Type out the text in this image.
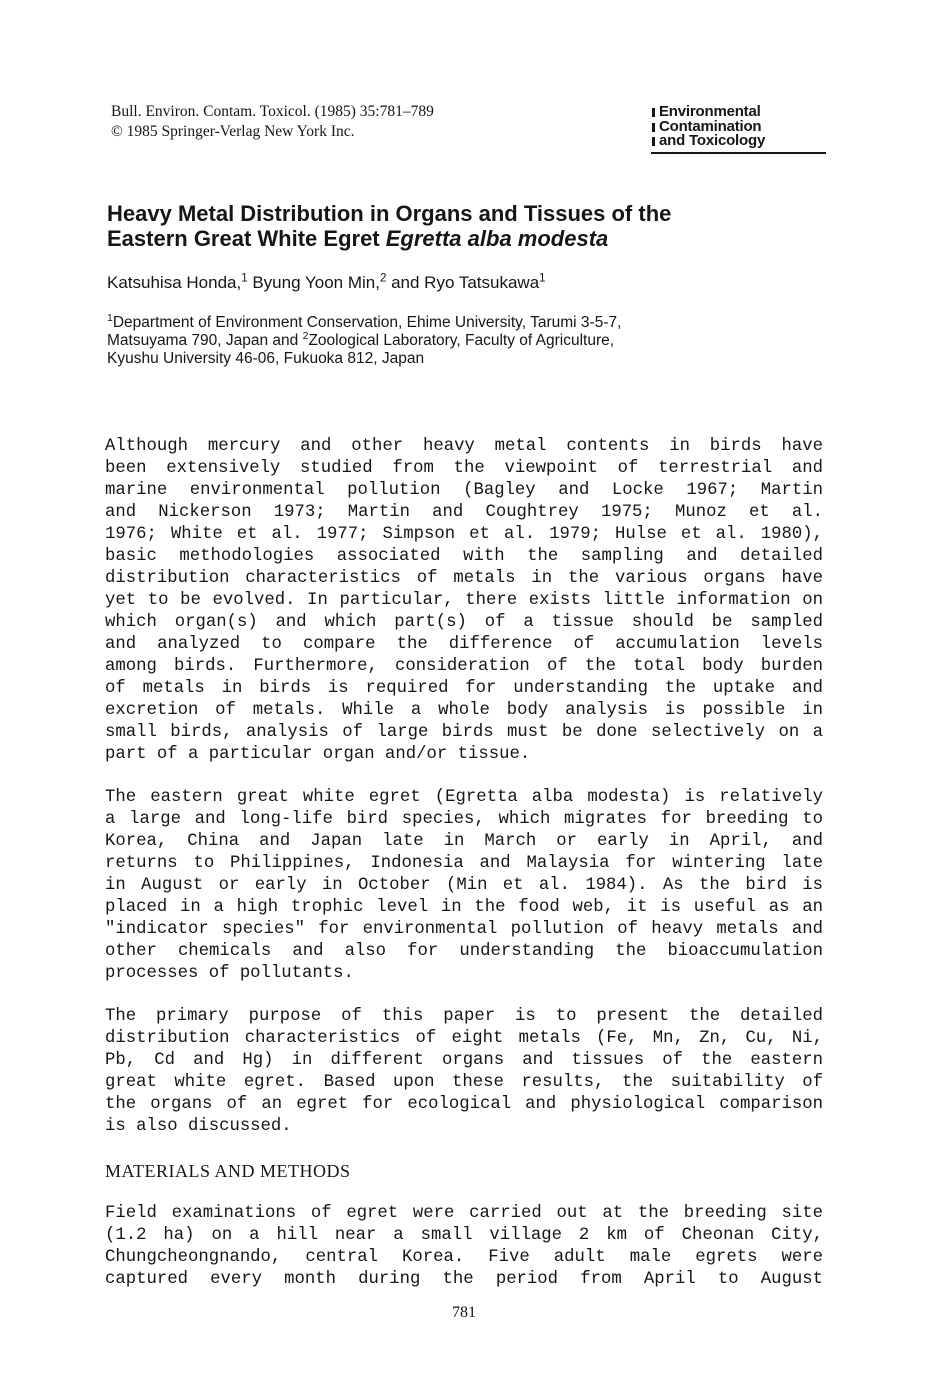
Bull. Environ. Contam. Toxicol. (1985) 35:781–789
© 1985 Springer-Verlag New York Inc.
Environmental
Contamination
and Toxicology
Heavy Metal Distribution in Organs and Tissues of the
Eastern Great White Egret Egretta alba modesta
Katsuhisa Honda,$^1$ Byung Yoon Min,$^2$ and Ryo Tatsukawa$^1$
$^1$Department of Environment Conservation, Ehime University, Tarumi 3-5-7,
Matsuyama 790, Japan and $^2$Zoological Laboratory, Faculty of Agriculture,
Kyushu University 46-06, Fukuoka 812, Japan
Although mercury and other heavy metal contents in birds have
been extensively studied from the viewpoint of terrestrial and
marine environmental pollution (Bagley and Locke 1967; Martin
and Nickerson 1973; Martin and Coughtrey 1975; Munoz et al.
1976; White et al. 1977; Simpson et al. 1979; Hulse et al. 1980),
basic methodologies associated with the sampling and detailed
distribution characteristics of metals in the various organs have
yet to be evolved. In particular, there exists little information on
which organ(s) and which part(s) of a tissue should be sampled
and analyzed to compare the difference of accumulation levels
among birds. Furthermore, consideration of the total body burden
of metals in birds is required for understanding the uptake and
excretion of metals. While a whole body analysis is possible in
small birds, analysis of large birds must be done selectively on a
part of a particular organ and/or tissue.
The eastern great white egret (Egretta alba modesta) is relatively
a large and long-life bird species, which migrates for breeding to
Korea, China and Japan late in March or early in April, and
returns to Philippines, Indonesia and Malaysia for wintering late
in August or early in October (Min et al. 1984). As the bird is
placed in a high trophic level in the food web, it is useful as an
"indicator species" for environmental pollution of heavy metals and
other chemicals and also for understanding the bioaccumulation
processes of pollutants.
The primary purpose of this paper is to present the detailed
distribution characteristics of eight metals (Fe, Mn, Zn, Cu, Ni,
Pb, Cd and Hg) in different organs and tissues of the eastern
great white egret. Based upon these results, the suitability of
the organs of an egret for ecological and physiological comparison
is also discussed.
MATERIALS AND METHODS
Field examinations of egret were carried out at the breeding site
(1.2 ha) on a hill near a small village 2 km of Cheonan City,
Chungcheongnando, central Korea. Five adult male egrets were
captured every month during the period from April to August
781
